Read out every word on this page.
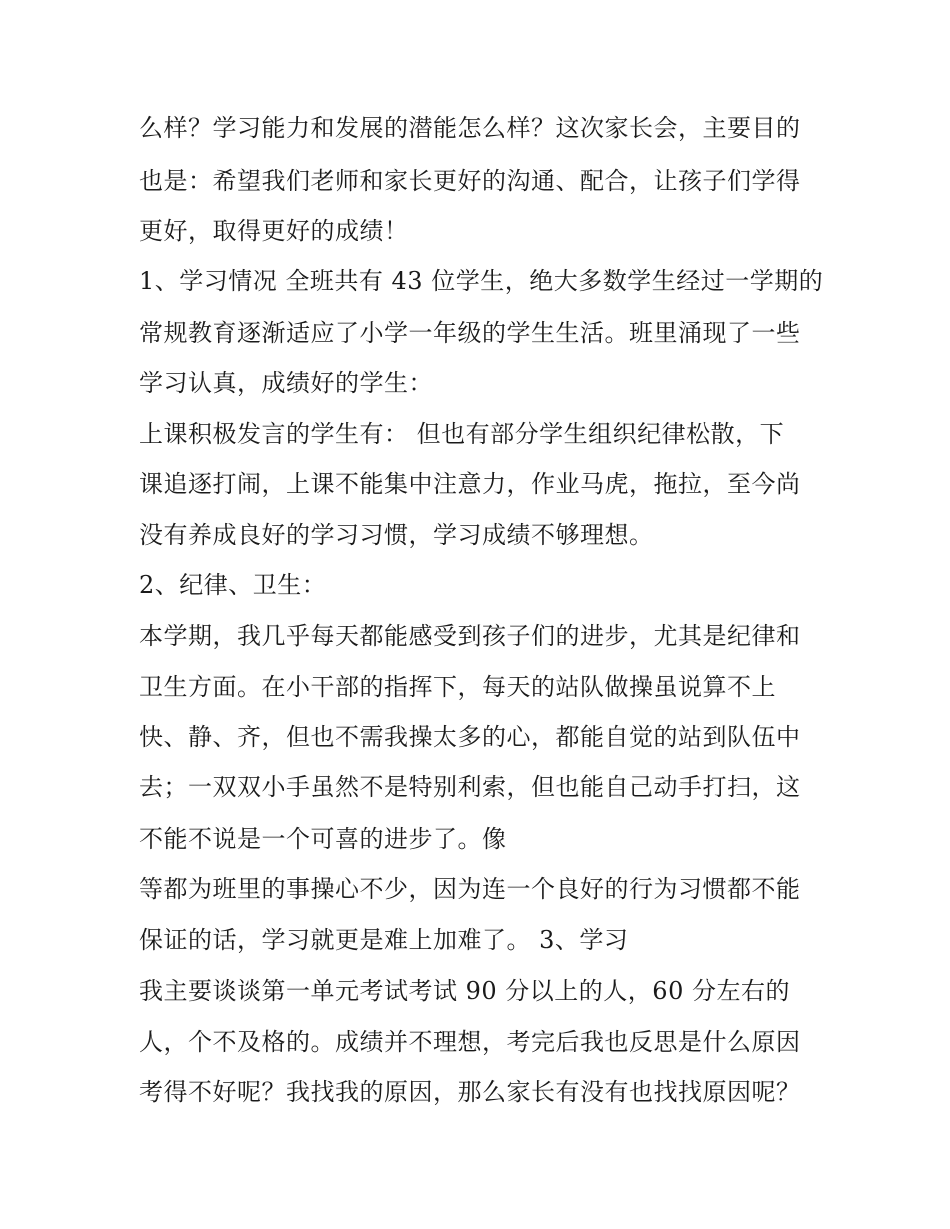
么样？学习能力和发展的潜能怎么样？这次家长会，主要目的

也是：希望我们老师和家长更好的沟通、配合，让孩子们学得

更好，取得更好的成绩！

1、学习情况 全班共有 43 位学生，绝大多数学生经过一学期的

常规教育逐渐适应了小学一年级的学生生活。班里涌现了一些

学习认真，成绩好的学生：

上课积极发言的学生有： 但也有部分学生组织纪律松散，下

课追逐打闹，上课不能集中注意力，作业马虎，拖拉，至今尚

没有养成良好的学习习惯，学习成绩不够理想。

2、纪律、卫生：

本学期，我几乎每天都能感受到孩子们的进步，尤其是纪律和

卫生方面。在小干部的指挥下，每天的站队做操虽说算不上

快、静、齐，但也不需我操太多的心，都能自觉的站到队伍中

去；一双双小手虽然不是特别利索，但也能自己动手打扫，这

不能不说是一个可喜的进步了。像

等都为班里的事操心不少，因为连一个良好的行为习惯都不能

保证的话，学习就更是难上加难了。 3、学习

我主要谈谈第一单元考试考试 90 分以上的人，60 分左右的

人，个不及格的。成绩并不理想，考完后我也反思是什么原因

考得不好呢？我找我的原因，那么家长有没有也找找原因呢？
